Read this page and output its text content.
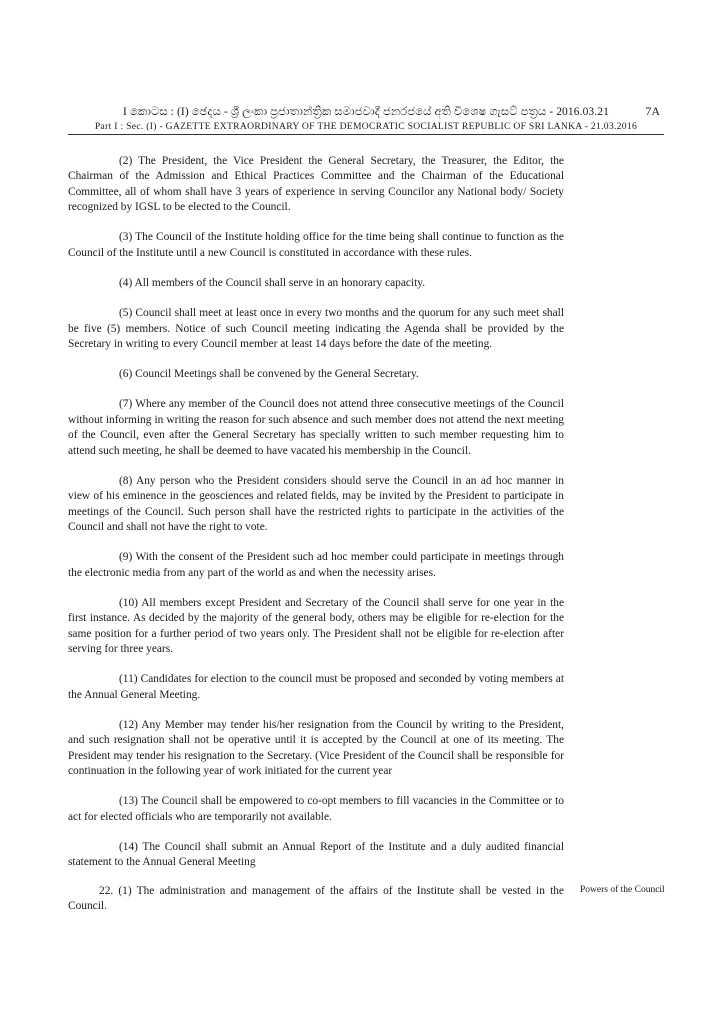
I කොටස : (I) ඡෙදය - ශ්‍රී ලංකා ප්‍රජාතාන්ත්‍රික සමාජවාදී ජනරජයේ අති විශෙෂ ගැසට් පත්‍රය - 2016.03.21
Part I : Sec. (I) - GAZETTE EXTRAORDINARY OF THE DEMOCRATIC SOCIALIST REPUBLIC OF SRI LANKA - 21.03.2016
7A

(2) The President, the Vice President the General Secretary, the Treasurer, the Editor, the Chairman of the Admission and Ethical Practices Committee and the Chairman of the Educational Committee, all of whom shall have 3 years of experience in serving Councilor any National body/ Society recognized by IGSL to be elected to the Council.

(3) The Council of the Institute holding office for the time being shall continue to function as the Council of the Institute until a new Council is constituted in accordance with these rules.

(4) All members of the Council shall serve in an honorary capacity.

(5) Council shall meet at least once in every two months and the quorum for any such meet shall be five (5) members. Notice of such Council meeting indicating the Agenda shall be provided by the Secretary in writing to every Council member at least 14 days before the date of the meeting.

(6) Council Meetings shall be convened by the General Secretary.

(7) Where any member of the Council does not attend three consecutive meetings of the Council without informing in writing the reason for such absence and such member does not attend the next meeting of the Council, even after the General Secretary has specially written to such member requesting him to attend such meeting, he shall be deemed to have vacated his membership in the Council.

(8) Any person who the President considers should serve the Council in an ad hoc manner in view of his eminence in the geosciences and related fields, may be invited by the President to participate in meetings of the Council. Such person shall have the restricted rights to participate in the activities of the Council and shall not have the right to vote.

(9) With the consent of the President such ad hoc member could participate in meetings through the electronic media from any part of the world as and when the necessity arises.

(10) All members except President and Secretary of the Council shall serve for one year in the first instance. As decided by the majority of the general body, others may be eligible for re-election for the same position for a further period of two years only. The President shall not be eligible for re-election after serving for three years.

(11) Candidates for election to the council must be proposed and seconded by voting members at the Annual General Meeting.

(12) Any Member may tender his/her resignation from the Council by writing to the President, and such resignation shall not be operative until it is accepted by the Council at one of its meeting. The President may tender his resignation to the Secretary. (Vice President of the Council shall be responsible for continuation in the following year of work initiated for the current year

(13) The Council shall be empowered to co-opt members to fill vacancies in the Committee or to act for elected officials who are temporarily not available.

(14) The Council shall submit an Annual Report of the Institute and a duly audited financial statement to the Annual General Meeting

22. (1) The administration and management of the affairs of the Institute shall be vested in the Council.

Powers of the Council
